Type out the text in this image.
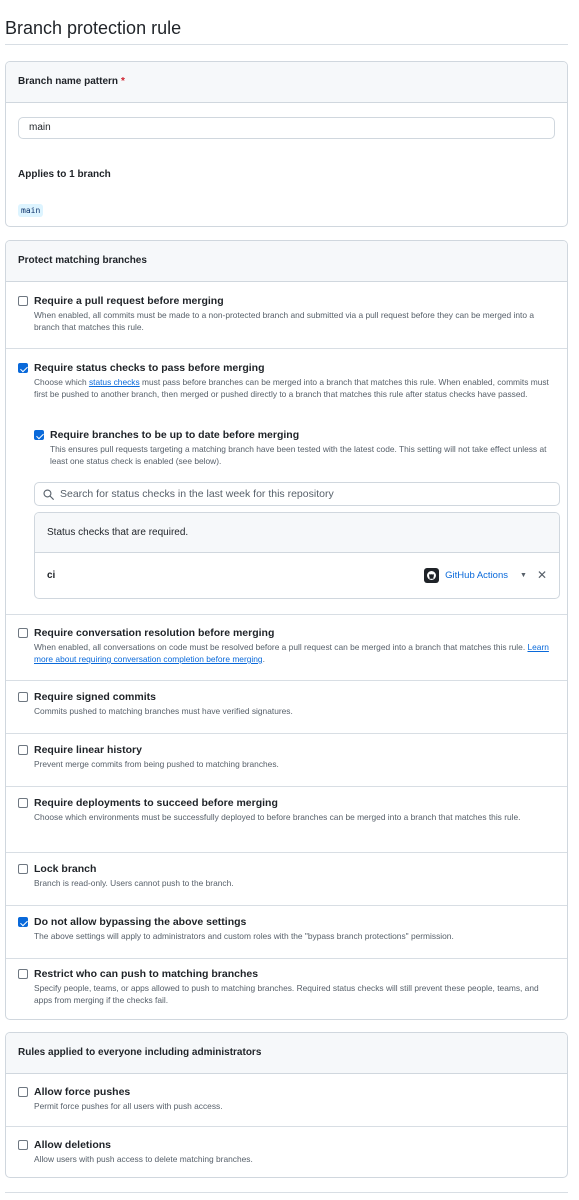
Branch protection rule
Branch name pattern *
main
Applies to 1 branch
main
Protect matching branches
Require a pull request before merging
When enabled, all commits must be made to a non-protected branch and submitted via a pull request before they can be merged into a branch that matches this rule.
Require status checks to pass before merging
Choose which status checks must pass before branches can be merged into a branch that matches this rule. When enabled, commits must first be pushed to another branch, then merged or pushed directly to a branch that matches this rule after status checks have passed.
Require branches to be up to date before merging
This ensures pull requests targeting a matching branch have been tested with the latest code. This setting will not take effect unless at least one status check is enabled (see below).
Search for status checks in the last week for this repository
Status checks that are required.
ci	GitHub Actions ▼ ✕
Require conversation resolution before merging
When enabled, all conversations on code must be resolved before a pull request can be merged into a branch that matches this rule. Learn more about requiring conversation completion before merging.
Require signed commits
Commits pushed to matching branches must have verified signatures.
Require linear history
Prevent merge commits from being pushed to matching branches.
Require deployments to succeed before merging
Choose which environments must be successfully deployed to before branches can be merged into a branch that matches this rule.
Lock branch
Branch is read-only. Users cannot push to the branch.
Do not allow bypassing the above settings
The above settings will apply to administrators and custom roles with the "bypass branch protections" permission.
Restrict who can push to matching branches
Specify people, teams, or apps allowed to push to matching branches. Required status checks will still prevent these people, teams, and apps from merging if the checks fail.
Rules applied to everyone including administrators
Allow force pushes
Permit force pushes for all users with push access.
Allow deletions
Allow users with push access to delete matching branches.
